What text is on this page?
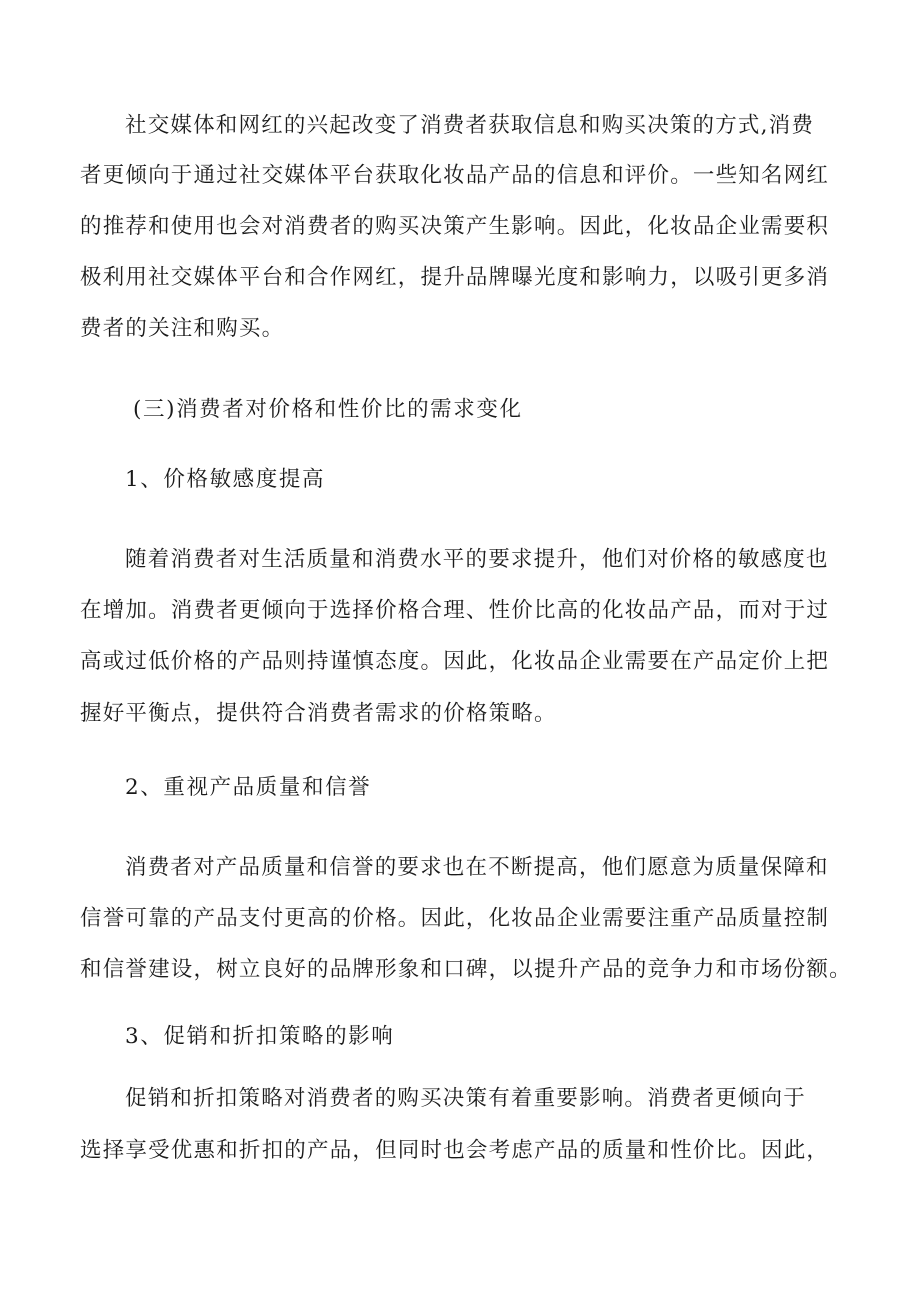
社交媒体和网红的兴起改变了消费者获取信息和购买决策的方式,消费
者更倾向于通过社交媒体平台获取化妆品产品的信息和评价。一些知名网红
的推荐和使用也会对消费者的购买决策产生影响。因此，化妆品企业需要积
极利用社交媒体平台和合作网红，提升品牌曝光度和影响力，以吸引更多消
费者的关注和购买。
(三)消费者对价格和性价比的需求变化
1、价格敏感度提高
随着消费者对生活质量和消费水平的要求提升，他们对价格的敏感度也
在增加。消费者更倾向于选择价格合理、性价比高的化妆品产品，而对于过
高或过低价格的产品则持谨慎态度。因此，化妆品企业需要在产品定价上把
握好平衡点，提供符合消费者需求的价格策略。
2、重视产品质量和信誉
消费者对产品质量和信誉的要求也在不断提高，他们愿意为质量保障和
信誉可靠的产品支付更高的价格。因此，化妆品企业需要注重产品质量控制
和信誉建设，树立良好的品牌形象和口碑，以提升产品的竞争力和市场份额。
3、促销和折扣策略的影响
促销和折扣策略对消费者的购买决策有着重要影响。消费者更倾向于
选择享受优惠和折扣的产品，但同时也会考虑产品的质量和性价比。因此，
